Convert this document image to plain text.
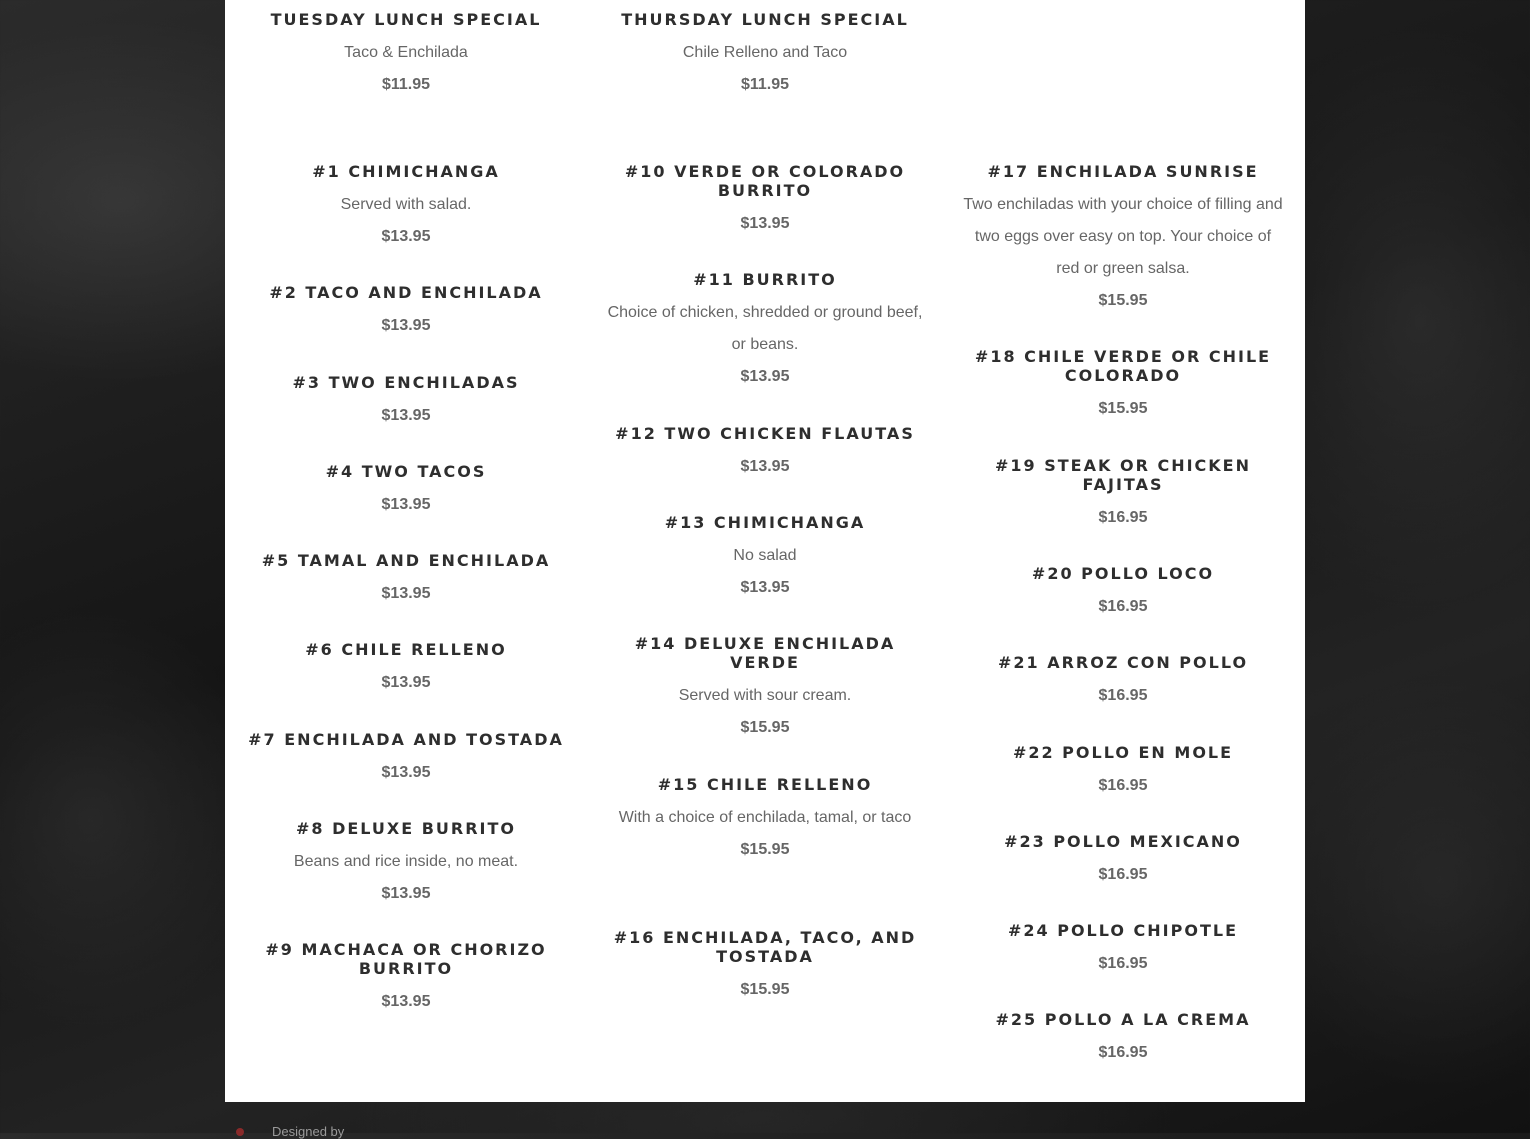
TUESDAY LUNCH SPECIAL

Taco & Enchilada

$11.95

#1 CHIMICHANGA

Served with salad.

$13.95

#2 TACO AND ENCHILADA

$13.95

#3 TWO ENCHILADAS

$13.95

#4 TWO TACOS

$13.95

#5 TAMAL AND ENCHILADA

$13.95

#6 CHILE RELLENO

$13.95

#7 ENCHILADA AND TOSTADA

$13.95

#8 DELUXE BURRITO

Beans and rice inside, no meat.

$13.95

#9 MACHACA OR CHORIZO BURRITO

$13.95

THURSDAY LUNCH SPECIAL

Chile Relleno and Taco

$11.95

#10 VERDE OR COLORADO BURRITO

$13.95

#11 BURRITO

Choice of chicken, shredded or ground beef, or beans.

$13.95

#12 TWO CHICKEN FLAUTAS

$13.95

#13 CHIMICHANGA

No salad

$13.95

#14 DELUXE ENCHILADA VERDE

Served with sour cream.

$15.95

#15 CHILE RELLENO

With a choice of enchilada, tamal, or taco

$15.95

#16 ENCHILADA, TACO, AND TOSTADA

$15.95

#17 ENCHILADA SUNRISE

Two enchiladas with your choice of filling and two eggs over easy on top. Your choice of red or green salsa.

$15.95

#18 CHILE VERDE OR CHILE COLORADO

$15.95

#19 STEAK OR CHICKEN FAJITAS

$16.95

#20 POLLO LOCO

$16.95

#21 ARROZ CON POLLO

$16.95

#22 POLLO EN MOLE

$16.95

#23 POLLO MEXICANO

$16.95

#24 POLLO CHIPOTLE

$16.95

#25 POLLO A LA CREMA

$16.95

Designed by
